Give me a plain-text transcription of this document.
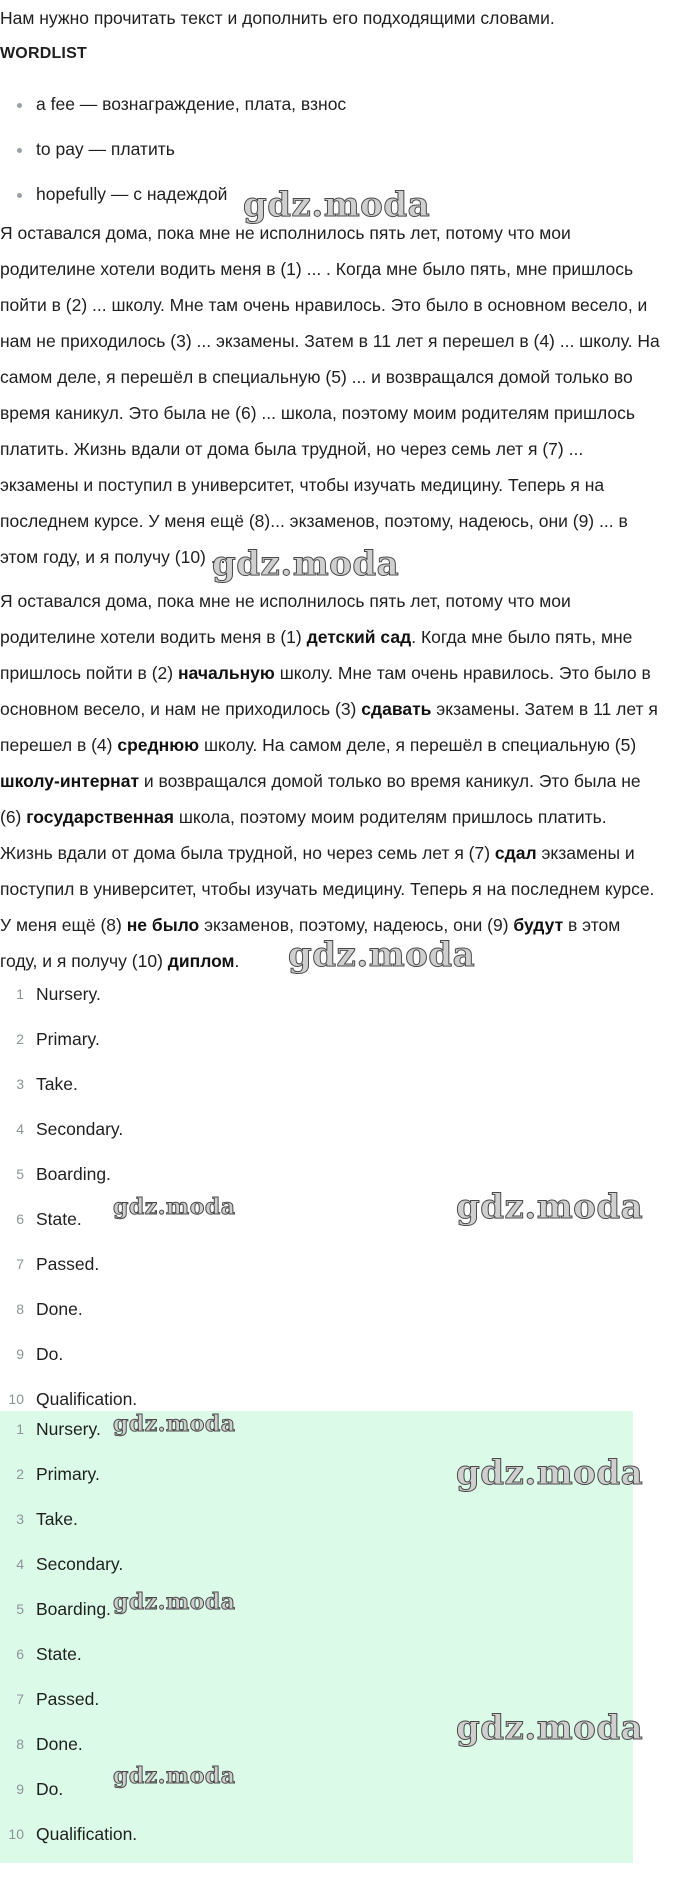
Нам нужно прочитать текст и дополнить его подходящими словами.
WORDLIST
a fee — вознаграждение, плата, взнос
to pay — платить
hopefully — с надеждой

Я оставался дома, пока мне не исполнилось пять лет, потому что мои родителине хотели водить меня в (1) ... . Когда мне было пять, мне пришлось пойти в (2) ... школу. Мне там очень нравилось. Это было в основном весело, и нам не приходилось (3) ... экзамены. Затем в 11 лет я перешел в (4) ... школу. На самом деле, я перешёл в специальную (5) ... и возвращался домой только во время каникул. Это была не (6) ... школа, поэтому моим родителям пришлось платить. Жизнь вдали от дома была трудной, но через семь лет я (7) ... экзамены и поступил в университет, чтобы изучать медицину. Теперь я на последнем курсе. У меня ещё (8)... экзаменов, поэтому, надеюсь, они (9) ... в этом году, и я получу (10) ...

Я оставался дома, пока мне не исполнилось пять лет, потому что мои родителине хотели водить меня в (1) детский сад. Когда мне было пять, мне пришлось пойти в (2) начальную школу. Мне там очень нравилось. Это было в основном весело, и нам не приходилось (3) сдавать экзамены. Затем в 11 лет я перешел в (4) среднюю школу. На самом деле, я перешёл в специальную (5) школу-интернат и возвращался домой только во время каникул. Это была не (6) государственная школа, поэтому моим родителям пришлось платить. Жизнь вдали от дома была трудной, но через семь лет я (7) сдал экзамены и поступил в университет, чтобы изучать медицину. Теперь я на последнем курсе. У меня ещё (8) не было экзаменов, поэтому, надеюсь, они (9) будут в этом году, и я получу (10) диплом.

1 Nursery.
2 Primary.
3 Take.
4 Secondary.
5 Boarding.
6 State.
7 Passed.
8 Done.
9 Do.
10 Qualification.
1 Nursery.
2 Primary.
3 Take.
4 Secondary.
5 Boarding.
6 State.
7 Passed.
8 Done.
9 Do.
10 Qualification.
gdz.moda
gdz.moda
gdz.moda
gdz.moda	gdz.moda
gdz.moda
gdz.moda
gdz.moda
gdz.moda
gdz.moda
